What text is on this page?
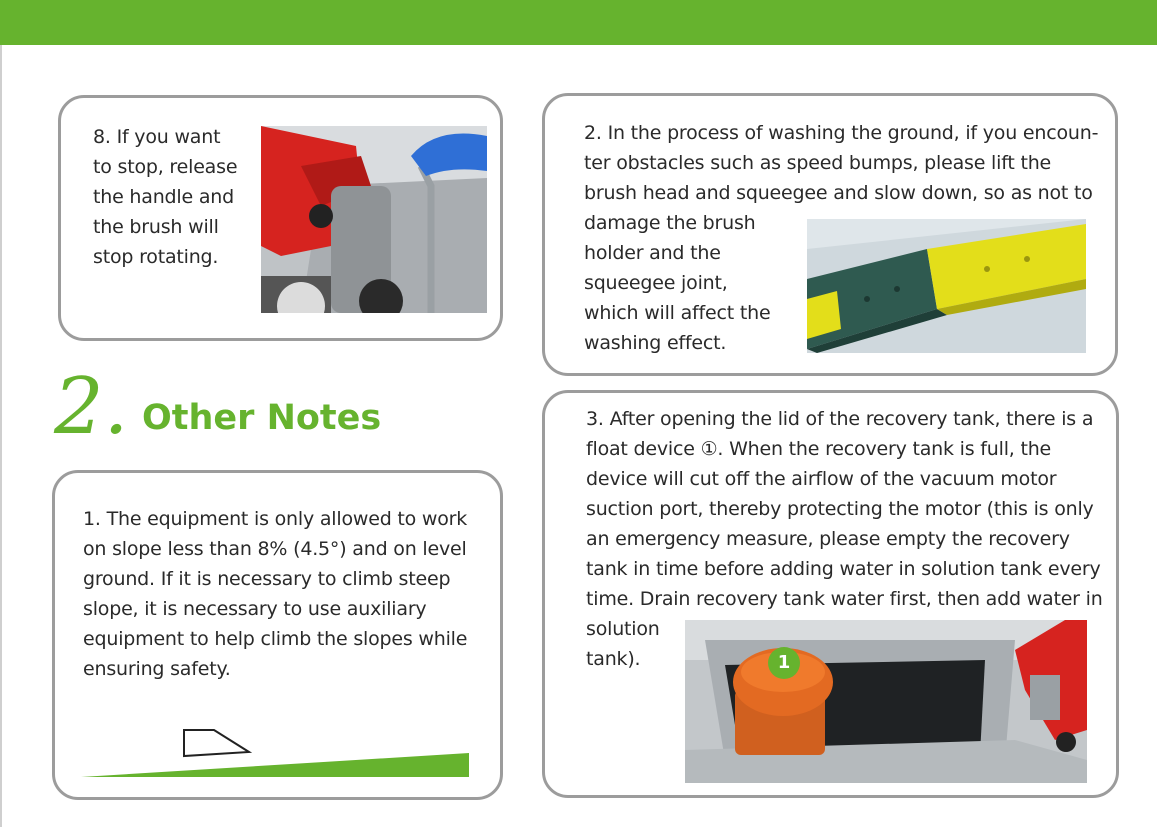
8. If you want
to stop, release
the handle and
the brush will
stop rotating.

2. In the process of washing the ground, if you encoun-
ter obstacles such as speed bumps, please lift the
brush head and squeegee and slow down, so as not to

damage the brush
holder and the
squeegee joint,
which will affect the
washing effect.

2. Other Notes

1. The equipment is only allowed to work
on slope less than 8% (4.5°) and on level
ground. If it is necessary to climb steep
slope, it is necessary to use auxiliary
equipment to help climb the slopes while
ensuring safety.

3. After opening the lid of the recovery tank, there is a
float device ①. When the recovery tank is full, the
device will cut off the airflow of the vacuum motor
suction port, thereby protecting the motor (this is only
an emergency measure, please empty the recovery
tank in time before adding water in solution tank every
time. Drain recovery tank water first, then add water in

solution
tank).	1
